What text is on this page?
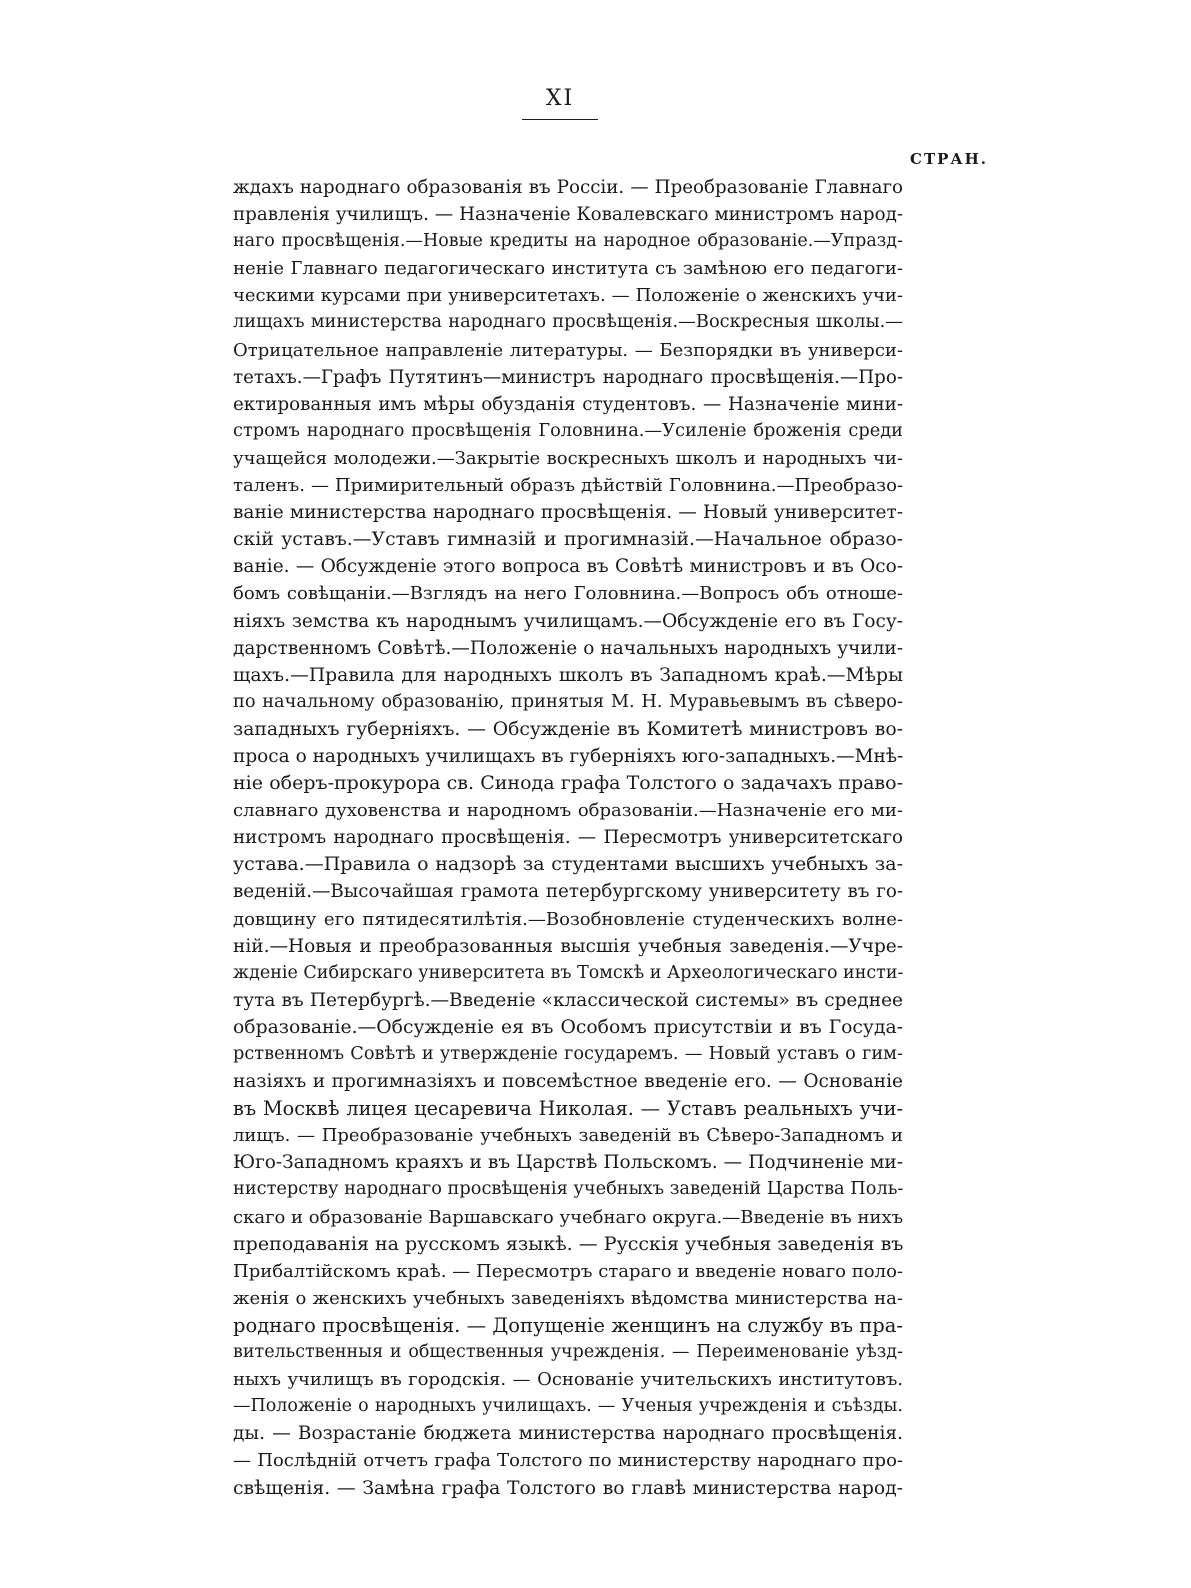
XI
СТРАН.
ждахъ народнаго образованія въ Россіи. — Преобразованіе Главнаго
правленія училищъ. — Назначеніе Ковалевскаго министромъ народ-
наго просвѣщенія.—Новые кредиты на народное образованіе.—Упразд-
неніе Главнаго педагогическаго института съ замѣною его педагоги-
ческими курсами при университетахъ. — Положеніе о женскихъ учи-
лищахъ министерства народнаго просвѣщенія.—Воскресныя школы.—
Отрицательное направленіе литературы. — Безпорядки въ универси-
тетахъ.—Графъ Путятинъ—министръ народнаго просвѣщенія.—Про-
ектированныя имъ мѣры обузданія студентовъ. — Назначеніе мини-
стромъ народнаго просвѣщенія Головнина.—Усиленіе броженія среди
учащейся молодежи.—Закрытіе воскресныхъ школъ и народныхъ чи-
таленъ. — Примирительный образъ дѣйствій Головнина.—Преобразо-
ваніе министерства народнаго просвѣщенія. — Новый университет-
скій уставъ.—Уставъ гимназій и прогимназій.—Начальное образо-
ваніе. — Обсужденіе этого вопроса въ Совѣтѣ министровъ и въ Осо-
бомъ совѣщаніи.—Взглядъ на него Головнина.—Вопросъ объ отноше-
ніяхъ земства къ народнымъ училищамъ.—Обсужденіе его въ Госу-
дарственномъ Совѣтѣ.—Положеніе о начальныхъ народныхъ учили-
щахъ.—Правила для народныхъ школъ въ Западномъ краѣ.—Мѣры
по начальному образованію, принятыя М. Н. Муравьевымъ въ сѣверо-
западныхъ губерніяхъ. — Обсужденіе въ Комитетѣ министровъ во-
проса о народныхъ училищахъ въ губерніяхъ юго-западныхъ.—Мнѣ-
ніе оберъ-прокурора св. Синода графа Толстого о задачахъ право-
славнаго духовенства и народномъ образованіи.—Назначеніе его ми-
нистромъ народнаго просвѣщенія. — Пересмотръ университетскаго
устава.—Правила о надзорѣ за студентами высшихъ учебныхъ за-
веденій.—Высочайшая грамота петербургскому университету въ го-
довщину его пятидесятилѣтія.—Возобновленіе студенческихъ волне-
ній.—Новыя и преобразованныя высшія учебныя заведенія.—Учре-
жденіе Сибирскаго университета въ Томскѣ и Археологическаго инсти-
тута въ Петербургѣ.—Введеніе «классической системы» въ среднее
образованіе.—Обсужденіе ея въ Особомъ присутствіи и въ Госуда-
рственномъ Совѣтѣ и утвержденіе государемъ. — Новый уставъ о гим-
назіяхъ и прогимназіяхъ и повсемѣстное введеніе его. — Основаніе
въ Москвѣ лицея цесаревича Николая. — Уставъ реальныхъ учи-
лищъ. — Преобразованіе учебныхъ заведеній въ Сѣверо-Западномъ и
Юго-Западномъ краяхъ и въ Царствѣ Польскомъ. — Подчиненіе ми-
нистерству народнаго просвѣщенія учебныхъ заведеній Царства Поль-
скаго и образованіе Варшавскаго учебнаго округа.—Введеніе въ нихъ
преподаванія на русскомъ языкѣ. — Русскія учебныя заведенія въ
Прибалтійскомъ краѣ. — Пересмотръ стараго и введеніе новаго поло-
женія о женскихъ учебныхъ заведеніяхъ вѣдомства министерства на-
роднаго просвѣщенія. — Допущеніе женщинъ на службу въ пра-
вительственныя и общественныя учрежденія. — Переименованіе уѣзд-
ныхъ училищъ въ городскія. — Основаніе учительскихъ институтовъ.
—Положеніе о народныхъ училищахъ. — Ученыя учрежденія и съѣзды.
ды. — Возрастаніе бюджета министерства народнаго просвѣщенія.
— Послѣдній отчетъ графа Толстого по министерству народнаго про-
свѣщенія. — Замѣна графа Толстого во главѣ министерства народ-
